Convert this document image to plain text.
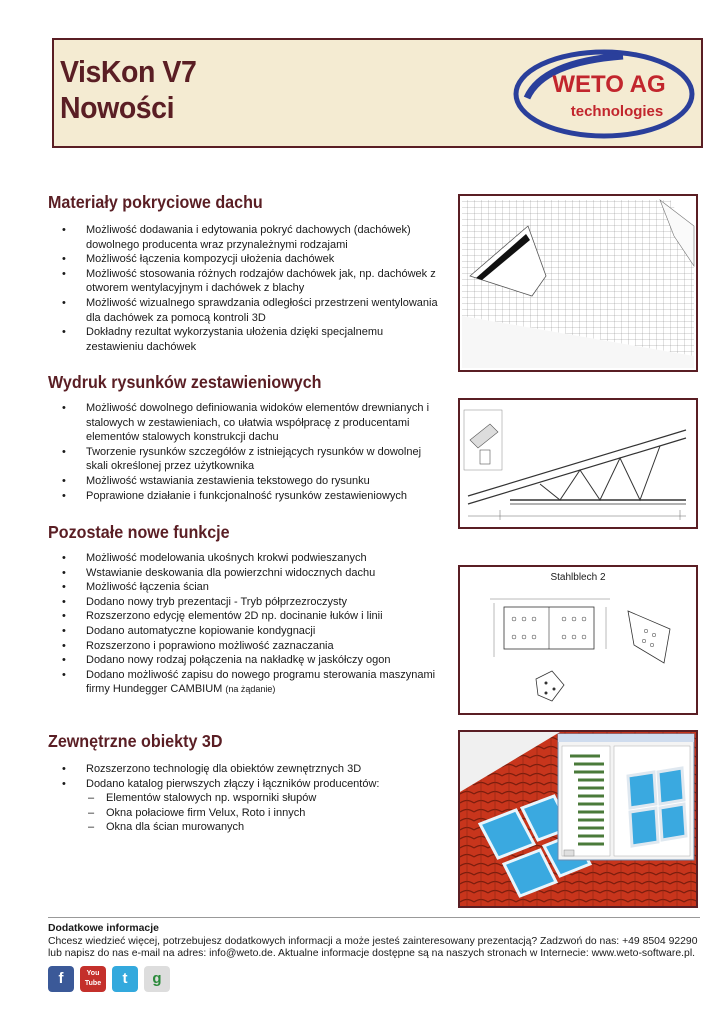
VisKon V7
Nowości
WETO AG
technologies
Materiały pokryciowe dachu
• Możliwość dodawania i edytowania pokryć dachowych (dachówek) dowolnego producenta wraz przynależnymi rodzajami
• Możliwość łączenia kompozycji ułożenia dachówek
• Możliwość stosowania różnych rodzajów dachówek jak, np. dachówek z otworem wentylacyjnym i dachówek z blachy
• Możliwość wizualnego sprawdzania odległości przestrzeni wentylowania dla dachówek za pomocą kontroli 3D
• Dokładny rezultat wykorzystania ułożenia dzięki specjalnemu zestawieniu dachówek
Wydruk rysunków zestawieniowych
• Możliwość dowolnego definiowania widoków elementów drewnianych i stalowych w zestawieniach, co ułatwia współpracę z producentami elementów stalowych konstrukcji dachu
• Tworzenie rysunków szczegółów z istniejących rysunków w dowolnej skali określonej przez użytkownika
• Możliwość wstawiania zestawienia tekstowego do rysunku
• Poprawione działanie i funkcjonalność rysunków zestawieniowych
Pozostałe nowe funkcje
• Możliwość modelowania ukośnych krokwi podwieszanych
• Wstawianie deskowania dla powierzchni widocznych dachu
• Możliwość łączenia ścian
• Dodano nowy tryb prezentacji - Tryb półprzezroczysty
• Rozszerzono edycję elementów 2D np. docinanie łuków i linii
• Dodano automatyczne kopiowanie kondygnacji
• Rozszerzono i poprawiono możliwość zaznaczania
• Dodano nowy rodzaj połączenia na nakładkę w jaskółczy ogon
• Dodano możliwość zapisu do nowego programu sterowania maszynami firmy Hundegger CAMBIUM (na żądanie)
Zewnętrzne obiekty 3D
• Rozszerzono technologię dla obiektów zewnętrznych 3D
• Dodano katalog pierwszych złączy i łączników producentów:
– Elementów stalowych np. wsporniki słupów
– Okna połaciowe firm Velux, Roto i innych
– Okna dla ścian murowanych
Stahlblech 2
Dodatkowe informacje
Chcesz wiedzieć więcej, potrzebujesz dodatkowych informacji a może jesteś zainteresowany prezentacją? Zadzwoń do nas: +49 8504 92290
lub napisz do nas e-mail na adres: info@weto.de. Aktualne informacje dostępne są na naszych stronach w Internecie: www.weto-software.pl.
f	You Tube	t	g
